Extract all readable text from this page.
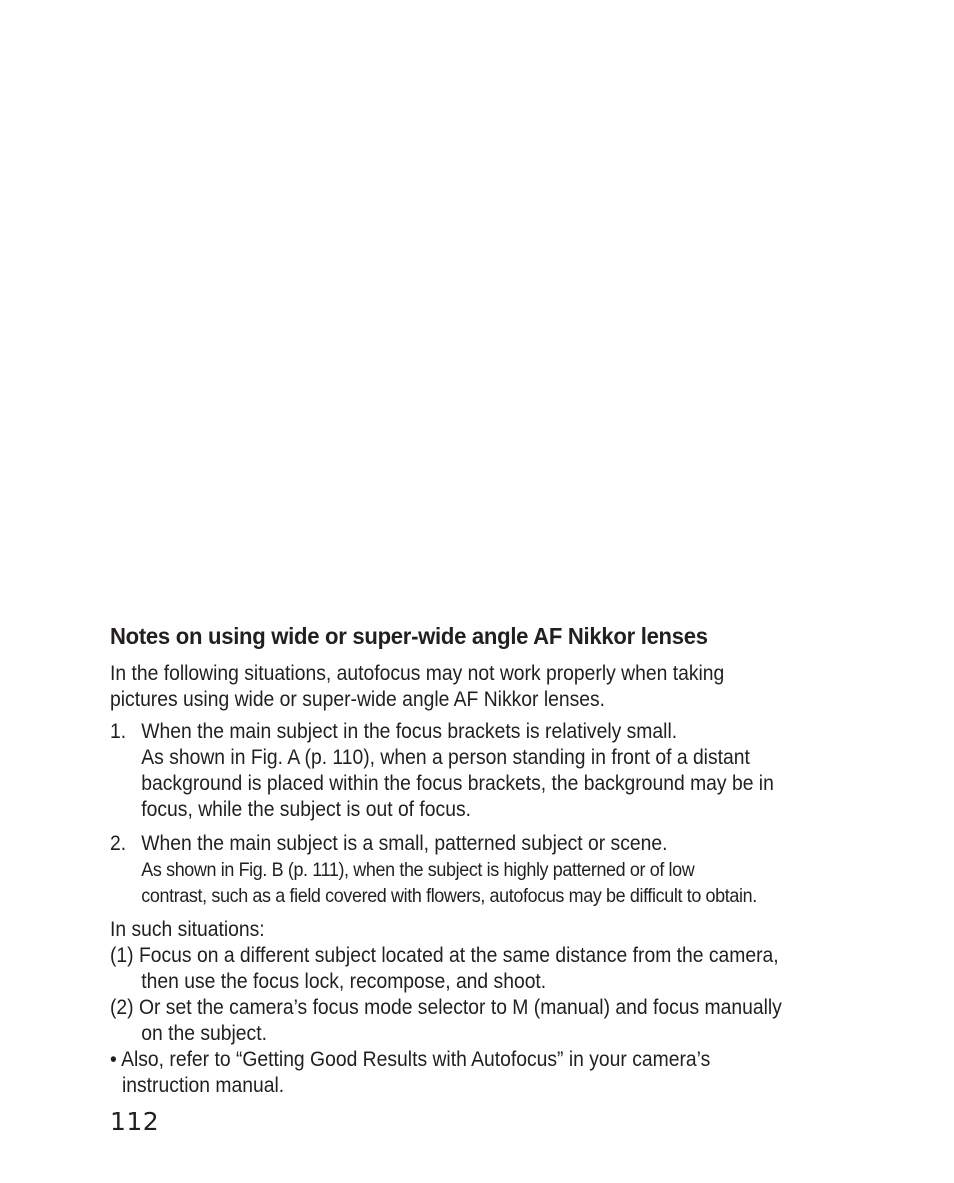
Notes on using wide or super-wide angle AF Nikkor lenses

In the following situations, autofocus may not work properly when taking
pictures using wide or super-wide angle AF Nikkor lenses.

1. When the main subject in the focus brackets is relatively small.
As shown in Fig. A (p. 110), when a person standing in front of a distant
background is placed within the focus brackets, the background may be in
focus, while the subject is out of focus.
2. When the main subject is a small, patterned subject or scene.
As shown in Fig. B (p. 111), when the subject is highly patterned or of low
contrast, such as a field covered with flowers, autofocus may be difficult to obtain.
In such situations:
(1) Focus on a different subject located at the same distance from the camera,
then use the focus lock, recompose, and shoot.
(2) Or set the camera’s focus mode selector to M (manual) and focus manually
on the subject.
• Also, refer to “Getting Good Results with Autofocus” in your camera’s
instruction manual.
112
